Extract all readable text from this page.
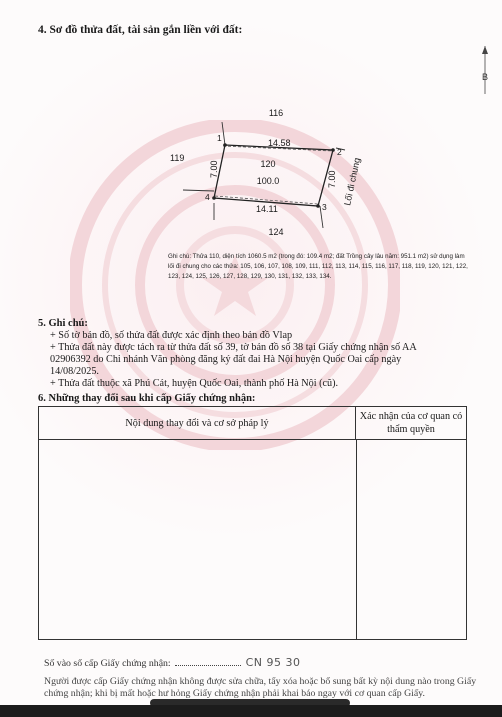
4. Sơ đồ thửa đất, tài sản gắn liền với đất:
B
116
119
124
14.58
14.11
120
100.0
7.00
7.00 Lối đi chung
1
2
3
4
Ghi chú: Thửa 110, diện tích 1060.5 m2 (trong đó: 109.4 m2; đất Trồng cây lâu năm: 951.1 m2) sử dụng làm lối đi chung cho các thửa: 105, 106, 107, 108, 109, 111, 112, 113, 114, 115, 116, 117, 118, 119, 120, 121, 122, 123, 124, 125, 126, 127, 128, 129, 130, 131, 132, 133, 134.
5. Ghi chú:
+ Số tờ bản đồ, số thửa đất được xác định theo bản đồ Vlap
+ Thửa đất này được tách ra từ thửa đất số 39, tờ bản đồ số 38 tại Giấy chứng nhận số AA 02906392 do Chi nhánh Văn phòng đăng ký đất đai Hà Nội huyện Quốc Oai cấp ngày 14/08/2025.
+ Thửa đất thuộc xã Phú Cát, huyện Quốc Oai, thành phố Hà Nội (cũ).
6. Những thay đổi sau khi cấp Giấy chứng nhận:
Nội dung thay đổi và cơ sở pháp lý
Xác nhận của cơ quan có thẩm quyền
Số vào sổ cấp Giấy chứng nhận:	CN 95 30
Người được cấp Giấy chứng nhận không được sửa chữa, tẩy xóa hoặc bổ sung bất kỳ nội dung nào trong Giấy chứng nhận; khi bị mất hoặc hư hỏng Giấy chứng nhận phải khai báo ngay với cơ quan cấp Giấy.
